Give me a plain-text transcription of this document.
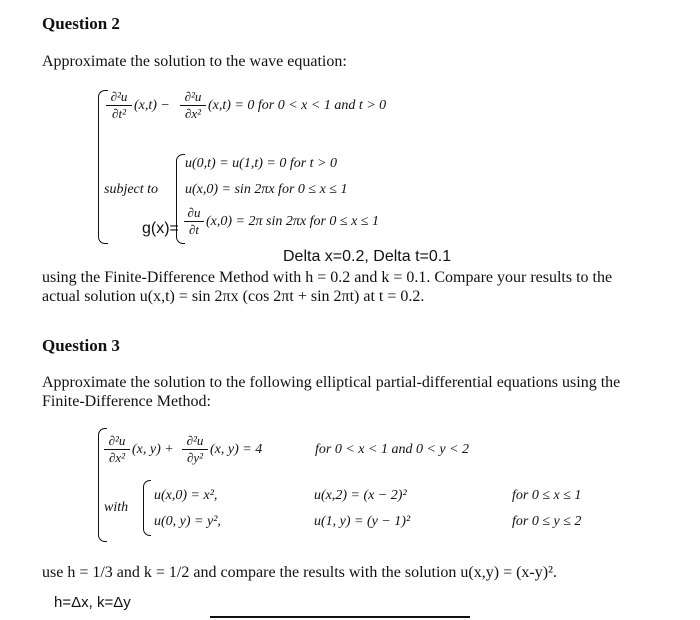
Question 2
Approximate the solution to the wave equation:
∂²u
∂t²
(x,t) −
∂²u
∂x²
(x,t) = 0 for 0 < x < 1 and t > 0
u(0,t) = u(1,t) = 0 for t > 0
subject to u(x,0) = sin 2πx for 0 ≤ x ≤ 1
g(x)=
∂u
∂t
(x,0) = 2π sin 2πx for 0 ≤ x ≤ 1
Delta x=0.2, Delta t=0.1
using the Finite-Difference Method with h = 0.2 and k = 0.1. Compare your results to the
actual solution u(x,t) = sin 2πx (cos 2πt + sin 2πt) at t = 0.2.
Question 3
Approximate the solution to the following elliptical partial-differential equations using the
Finite-Difference Method:
∂²u
∂x²
(x, y) +
∂²u
∂y²
(x, y) = 4	for 0 < x < 1 and 0 < y < 2
with
u(x,0) = x²,
u(0, y) = y²,
u(x,2) = (x − 2)²
u(1, y) = (y − 1)²
for 0 ≤ x ≤ 1
for 0 ≤ y ≤ 2
use h = 1/3 and k = 1/2 and compare the results with the solution u(x,y) = (x-y)².
h=Δx, k=Δy
